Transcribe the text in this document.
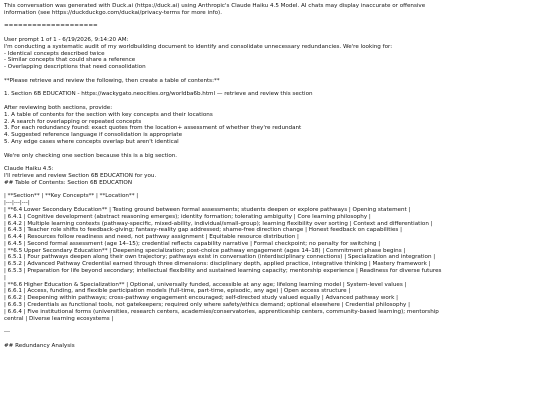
This conversation was generated with Duck.ai (https://duck.ai) using Anthropic's Claude Haiku 4.5 Model. AI chats may display inaccurate or offensive
information (see https://duckduckgo.com/duckai/privacy-terms for more info).
====================
User prompt 1 of 1 - 6/19/2026, 9:14:20 AM:
I'm conducting a systematic audit of my worldbuilding document to identify and consolidate unnecessary redundancies. We're looking for:
- Identical concepts described twice
- Similar concepts that could share a reference
- Overlapping descriptions that need consolidation
**Please retrieve and review the following, then create a table of contents:**
1. Section 6B EDUCATION - https://wackygato.neocities.org/worldba6b.html — retrieve and review this section
After reviewing both sections, provide:
1. A table of contents for the section with key concepts and their locations
2. A search for overlapping or repeated concepts
3. For each redundancy found: exact quotes from the location+ assessment of whether they're redundant
4. Suggested reference language if consolidation is appropriate
5. Any edge cases where concepts overlap but aren't identical
We're only checking one section because this is a big section.
Claude Haiku 4.5:
I'll retrieve and review Section 6B EDUCATION for you.
## Table of Contents: Section 6B EDUCATION
| **Section** | **Key Concepts** | **Location** |
|---|---|---|
| **6.4 Lower Secondary Education** | Testing ground between formal assessments; students deepen or explore pathways | Opening statement |
| 6.4.1 | Cognitive development (abstract reasoning emerges); identity formation; tolerating ambiguity | Core learning philosophy |
| 6.4.2 | Multiple learning contexts (pathway-specific, mixed-ability, individual/small-group); learning flexibility over sorting | Context and differentiation |
| 6.4.3 | Teacher role shifts to feedback-giving; fantasy-reality gap addressed; shame-free direction change | Honest feedback on capabilities |
| 6.4.4 | Resources follow readiness and need, not pathway assignment | Equitable resource distribution |
| 6.4.5 | Second formal assessment (age 14–15); credential reflects capability narrative | Formal checkpoint; no penalty for switching |
| **6.5 Upper Secondary Education** | Deepening specialization; post-choice pathway engagement (ages 14–18) | Commitment phase begins |
| 6.5.1 | Four pathways deepen along their own trajectory; pathways exist in conversation (interdisciplinary connections) | Specialization and integration |
| 6.5.2 | Advanced Pathway Credential earned through three dimensions: disciplinary depth, applied practice, integrative thinking | Mastery framework |
| 6.5.3 | Preparation for life beyond secondary; intellectual flexibility and sustained learning capacity; mentorship experience | Readiness for diverse futures
|
| **6.6 Higher Education & Specialization** | Optional, universally funded, accessible at any age; lifelong learning model | System-level values |
| 6.6.1 | Access, funding, and flexible participation models (full-time, part-time, episodic, any age) | Open access structure |
| 6.6.2 | Deepening within pathways; cross-pathway engagement encouraged; self-directed study valued equally | Advanced pathway work |
| 6.6.3 | Credentials as functional tools, not gatekeepers; required only where safety/ethics demand; optional elsewhere | Credential philosophy |
| 6.6.4 | Five institutional forms (universities, research centers, academies/conservatories, apprenticeship centers, community-based learning); mentorship
central | Diverse learning ecosystems |
---
## Redundancy Analysis
